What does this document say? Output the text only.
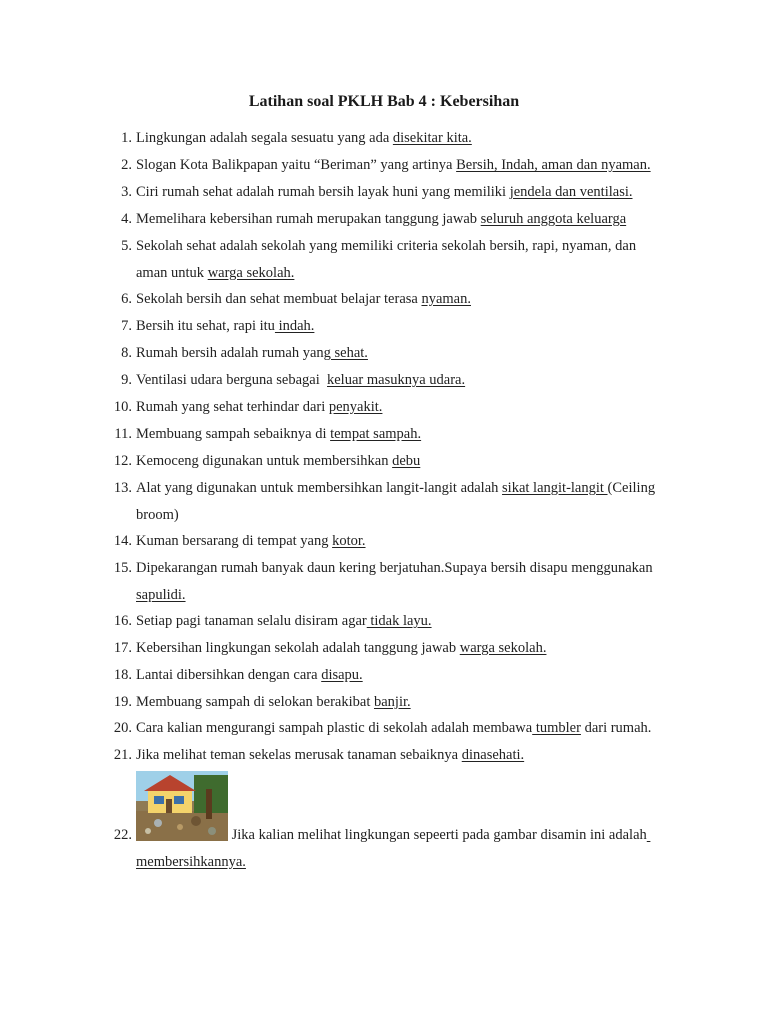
Latihan soal PKLH Bab 4 : Kebersihan
1. Lingkungan adalah segala sesuatu yang ada disekitar kita.
2. Slogan Kota Balikpapan yaitu “Beriman” yang artinya Bersih, Indah, aman dan nyaman.
3. Ciri rumah sehat adalah rumah bersih layak huni yang memiliki jendela dan ventilasi.
4. Memelihara kebersihan rumah merupakan tanggung jawab seluruh anggota keluarga
5. Sekolah sehat adalah sekolah yang memiliki criteria sekolah bersih, rapi, nyaman, dan
aman untuk warga sekolah.
6. Sekolah bersih dan sehat membuat belajar terasa nyaman.
7. Bersih itu sehat, rapi itu indah.
8. Rumah bersih adalah rumah yang sehat.
9. Ventilasi udara berguna sebagai  keluar masuknya udara.
10. Rumah yang sehat terhindar dari penyakit.
11. Membuang sampah sebaiknya di tempat sampah.
12. Kemoceng digunakan untuk membersihkan debu
13. Alat yang digunakan untuk membersihkan langit-langit adalah sikat langit-langit (Ceiling
broom)
14. Kuman bersarang di tempat yang kotor.
15. Dipekarangan rumah banyak daun kering berjatuhan.Supaya bersih disapu menggunakan
sapulidi.
16. Setiap pagi tanaman selalu disiram agar tidak layu.
17. Kebersihan lingkungan sekolah adalah tanggung jawab warga sekolah.
18. Lantai dibersihkan dengan cara disapu.
19. Membuang sampah di selokan berakibat banjir.
20. Cara kalian mengurangi sampah plastic di sekolah adalah membawa tumbler dari rumah.
21. Jika melihat teman sekelas merusak tanaman sebaiknya dinasehati.
22.	Jika kalian melihat lingkungan sepeerti pada gambar disamin ini adalah
membersihkannya.
